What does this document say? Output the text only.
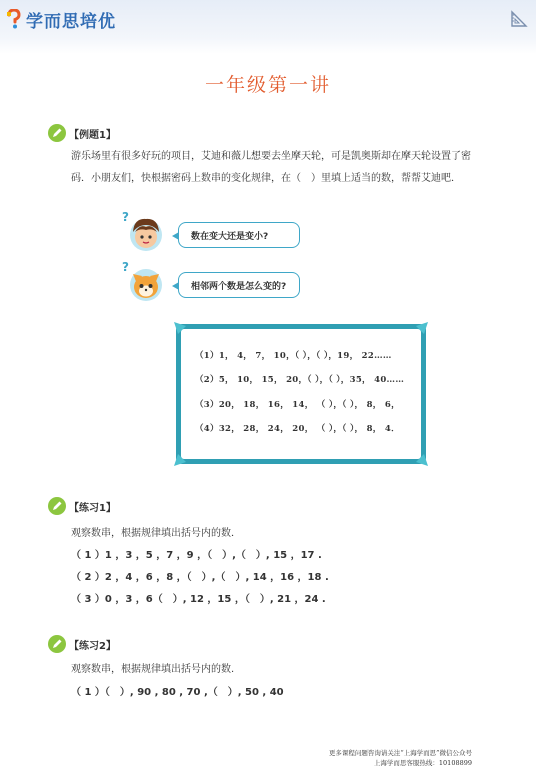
学而思培优
一年级第一讲
【例题1】
游乐场里有很多好玩的项目，艾迪和薇儿想要去坐摩天轮，可是凯奥斯却在摩天轮设置了密码．小朋友们，快根据密码上数串的变化规律，在（　）里填上适当的数，帮帮艾迪吧．
?
数在变大还是变小?
?
相邻两个数是怎么变的?
（1）1， 4， 7， 10，（ ），（ ），19， 22……
（2）5， 10， 15， 20，（ ），（ ），35， 40……
（3）20， 18， 16， 14， （ ），（ ）， 8， 6，
（4）32， 28， 24， 20， （ ），（ ）， 8， 4．
【练习1】
观察数串，根据规律填出括号内的数．
（ 1 ）1 ，3 ，5 ，7 ，9 ，（　）,（　）, 15 ，17 .
（ 2 ）2 ，4 ，6 ，8 ，（　）,（　）, 14 ，16 ，18 .
（ 3 ）0 ，3 ，6（　）, 12 ，15 ，（　）, 21 ，24 .
【练习2】
观察数串，根据规律填出括号内的数.
（ 1 ）（　）, 90 , 80 , 70 ,（　）, 50 , 40
更多课程问题咨询请关注“上海学而思”微信公众号
上海学而思客服热线：10108899
